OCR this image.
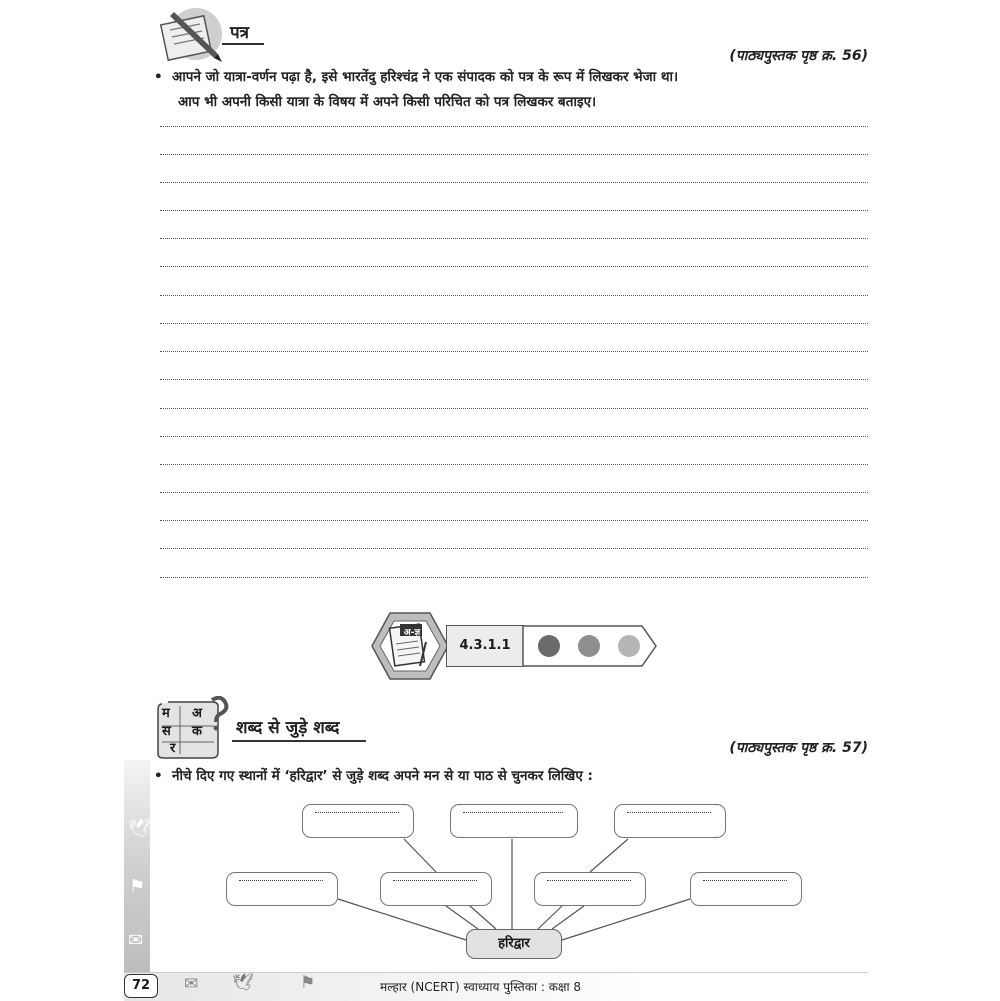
पत्र
(पाठ्यपुस्तक पृष्ठ क्र. 56)
• आपने जो यात्रा-वर्णन पढ़ा है, इसे भारतेंदु हरिश्चंद्र ने एक संपादक को पत्र के रूप में लिखकर भेजा था।
आप भी अपनी किसी यात्रा के विषय में अपने किसी परिचित को पत्र लिखकर बताइए।
अ-ज्ञ
4.3.1.1
म अ
स क
र
शब्द से जुड़े शब्द
(पाठ्यपुस्तक पृष्ठ क्र. 57)
• नीचे दिए गए स्थानों में ‘हरिद्वार’ से जुड़े शब्द अपने मन से या पाठ से चुनकर लिखिए :
🕊
⚑
✉	हरिद्वार
72	✉ 🕊	⚑	मल्हार (NCERT) स्वाध्याय पुस्तिका : कक्षा 8
